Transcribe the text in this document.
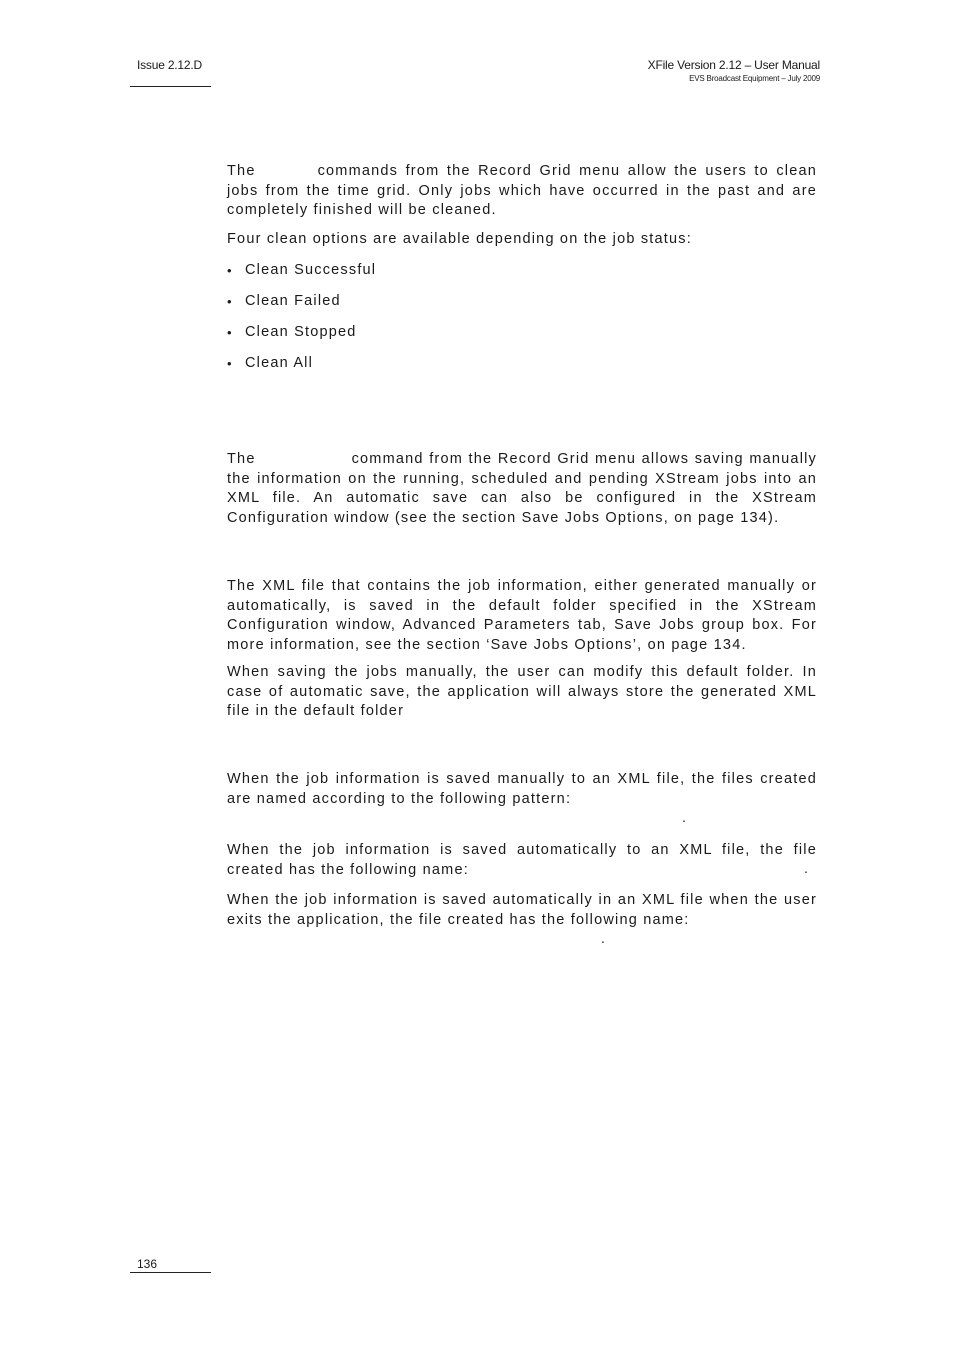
Issue 2.12.D	XFile Version 2.12 – User Manual
EVS Broadcast Equipment – July 2009

The	commands from the Record Grid menu allow the users to clean jobs from the time grid. Only jobs which have occurred in the past and are completely finished will be cleaned.

Four clean options are available depending on the job status:

• Clean Successful
• Clean Failed
• Clean Stopped
• Clean All

The	command from the Record Grid menu allows saving manually the information on the running, scheduled and pending XStream jobs into an XML file. An automatic save can also be configured in the XStream Configuration window (see the section Save Jobs Options, on page 134).

The XML file that contains the job information, either generated manually or automatically, is saved in the default folder specified in the XStream Configuration window, Advanced Parameters tab, Save Jobs group box. For more information, see the section ‘Save Jobs Options’, on page 134.

When saving the jobs manually, the user can modify this default folder. In case of automatic save, the application will always store the generated XML file in the default folder

When the job information is saved manually to an XML file, the files created are named according to the following pattern:

.

When the job information is saved automatically to an XML file, the file created has the following name:	.

When the job information is saved automatically in an XML file when the user exits the application, the file created has the following name:

.
136
